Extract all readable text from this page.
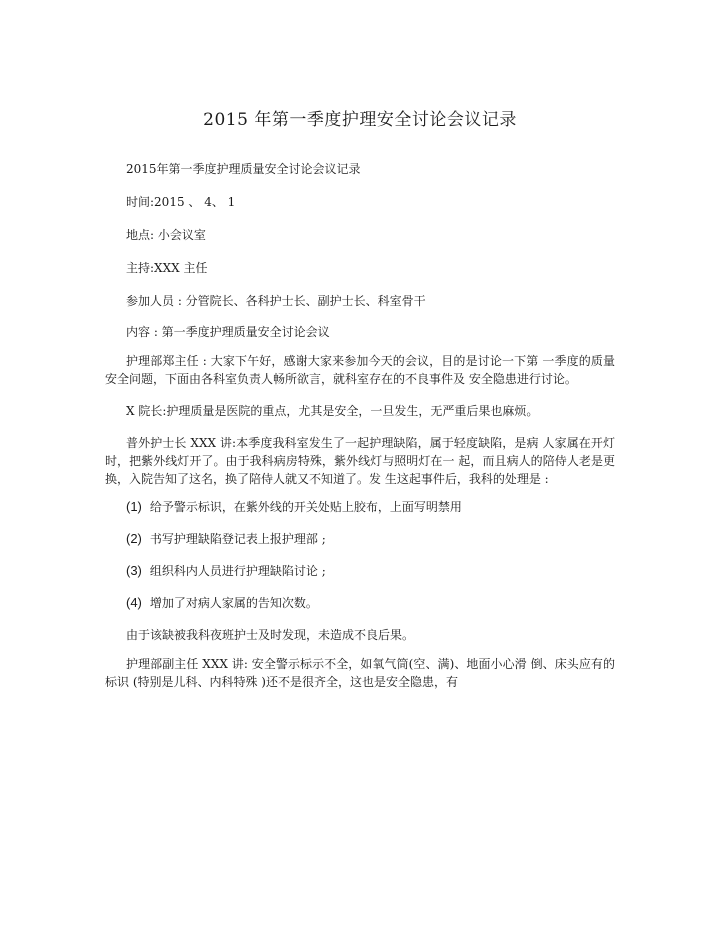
2015 年第一季度护理安全讨论会议记录
2015年第一季度护理质量安全讨论会议记录
时间:2015 、 4、 1
地点: 小会议室
主持:XXX 主任
参加人员 : 分管院长、各科护士长、副护士长、科室骨干
内容 : 第一季度护理质量安全讨论会议
护理部郑主任 : 大家下午好，感谢大家来参加今天的会议，目的是讨论一下第 一季度的质量安全问题，下面由各科室负责人畅所欲言，就科室存在的不良事件及 安全隐患进行讨论。
X 院长:护理质量是医院的重点，尤其是安全，一旦发生，无严重后果也麻烦。
普外护士长 XXX 讲:本季度我科室发生了一起护理缺陷，属于轻度缺陷，是病 人家属在开灯时，把紫外线灯开了。由于我科病房特殊，紫外线灯与照明灯在一 起，而且病人的陪侍人老是更换，入院告知了这名，换了陪侍人就又不知道了。发 生这起事件后，我科的处理是 :
(1) 给予警示标识，在紫外线的开关处贴上胶布，上面写明禁用
(2) 书写护理缺陷登记表上报护理部 ;
(3) 组织科内人员进行护理缺陷讨论 ;
(4) 增加了对病人家属的告知次数。
由于该缺被我科夜班护士及时发现，未造成不良后果。
护理部副主任 XXX 讲: 安全警示标示不全，如氧气筒(空、满)、地面小心滑 倒、床头应有的标识 (特别是儿科、内科特殊 )还不是很齐全，这也是安全隐患，有
